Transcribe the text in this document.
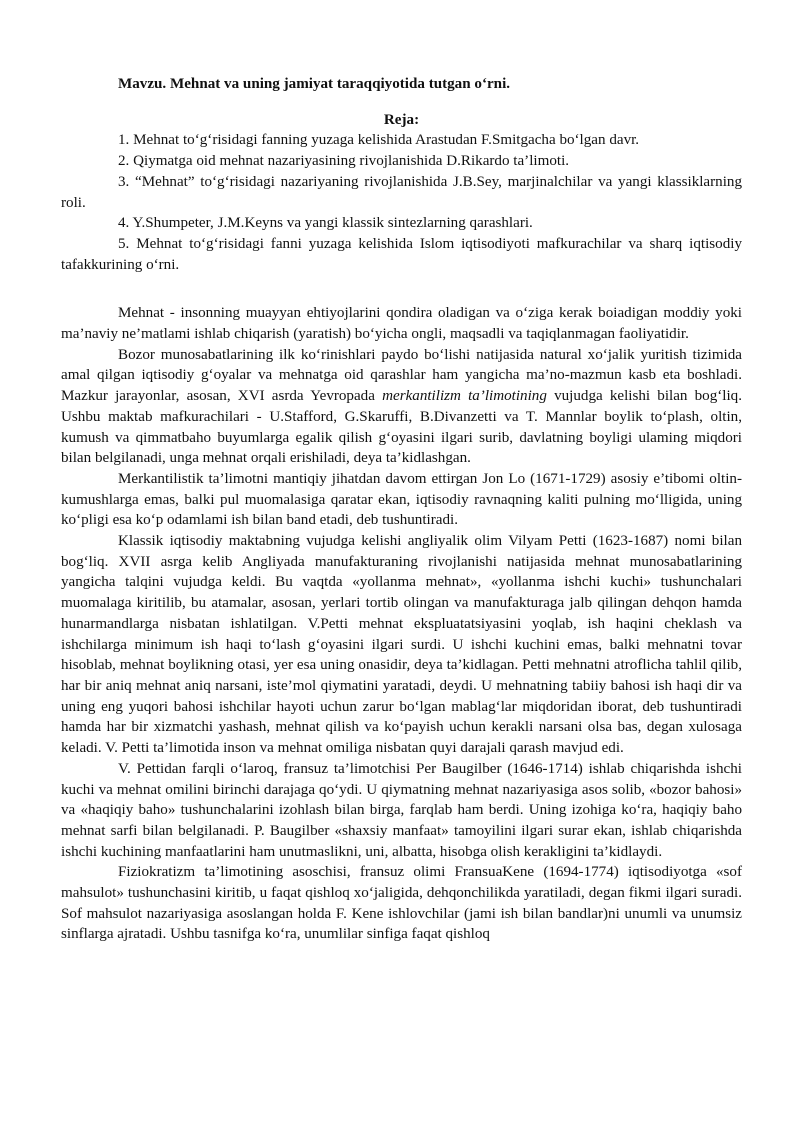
Mavzu. Mehnat va uning jamiyat taraqqiyotida tutgan o‘rni.

Reja:

1. Mehnat to‘g‘risidagi fanning yuzaga kelishida Arastudan F.Smitgacha bo‘lgan davr.

2. Qiymatga oid mehnat nazariyasining rivojlanishida D.Rikardo ta’limoti.

3. “Mehnat” to‘g‘risidagi nazariyaning rivojlanishida J.B.Sey, marjinalchilar va yangi klassiklarning roli.

4. Y.Shumpeter, J.M.Keyns va yangi klassik sintezlarning qarashlari.

5. Mehnat to‘g‘risidagi fanni yuzaga kelishida Islom iqtisodiyoti mafkurachilar va sharq iqtisodiy tafakkurining o‘rni.

Mehnat - insonning muayyan ehtiyojlarini qondira oladigan va o‘ziga kerak boiadigan moddiy yoki ma’naviy ne’matlami ishlab chiqarish (yaratish) bo‘yicha ongli, maqsadli va taqiqlanmagan faoliyatidir.

Bozor munosabatlarining ilk ko‘rinishlari paydo bo‘lishi natijasida natural xo‘jalik yuritish tizimida amal qilgan iqtisodiy g‘oyalar va mehnatga oid qarashlar ham yangicha ma’no-mazmun kasb eta boshladi. Mazkur jarayonlar, asosan, XVI asrda Yevropada merkantilizm ta’limotining vujudga kelishi bilan bog‘liq. Ushbu maktab mafkurachilari - U.Stafford, G.Skaruffi, B.Divanzetti va T. Mannlar boylik to‘plash, oltin, kumush va qimmatbaho buyumlarga egalik qilish g‘oyasini ilgari surib, davlatning boyligi ulaming miqdori bilan belgilanadi, unga mehnat orqali erishiladi, deya ta’kidlashgan.

Merkantilistik ta’limotni mantiqiy jihatdan davom ettirgan Jon Lo (1671-1729) asosiy e’tibomi oltin-kumushlarga emas, balki pul muomalasiga qaratar ekan, iqtisodiy ravnaqning kaliti pulning mo‘lligida, uning ko‘pligi esa ko‘p odamlami ish bilan band etadi, deb tushuntiradi.

Klassik iqtisodiy maktabning vujudga kelishi angliyalik olim Vilyam Petti (1623-1687) nomi bilan bog‘liq. XVII asrga kelib Angliyada manufakturaning rivojlanishi natijasida mehnat munosabatlarining yangicha talqini vujudga keldi. Bu vaqtda «yollanma mehnat», «yollanma ishchi kuchi» tushunchalari muomalaga kiritilib, bu atamalar, asosan, yerlari tortib olingan va manufakturaga jalb qilingan dehqon hamda hunarmandlarga nisbatan ishlatilgan. V.Petti mehnat ekspluatatsiyasini yoqlab, ish haqini cheklash va ishchilarga minimum ish haqi to‘lash g‘oyasini ilgari surdi. U ishchi kuchini emas, balki mehnatni tovar hisoblab, mehnat boylikning otasi, yer esa uning onasidir, deya ta’kidlagan. Petti mehnatni atroflicha tahlil qilib, har bir aniq mehnat aniq narsani, iste’mol qiymatini yaratadi, deydi. U mehnatning tabiiy bahosi ish haqi dir va uning eng yuqori bahosi ishchilar hayoti uchun zarur bo‘lgan mablag‘lar miqdoridan iborat, deb tushuntiradi hamda har bir xizmatchi yashash, mehnat qilish va ko‘payish uchun kerakli narsani olsa bas, degan xulosaga keladi. V. Petti ta’limotida inson va mehnat omiliga nisbatan quyi darajali qarash mavjud edi.

V. Pettidan farqli o‘laroq, fransuz ta’limotchisi Per Baugilber (1646-1714) ishlab chiqarishda ishchi kuchi va mehnat omilini birinchi darajaga qo‘ydi. U qiymatning mehnat nazariyasiga asos solib, «bozor bahosi» va «haqiqiy baho» tushunchalarini izohlash bilan birga, farqlab ham berdi. Uning izohiga ko‘ra, haqiqiy baho mehnat sarfi bilan belgilanadi. P. Baugilber «shaxsiy manfaat» tamoyilini ilgari surar ekan, ishlab chiqarishda ishchi kuchining manfaatlarini ham unutmaslikni, uni, albatta, hisobga olish kerakligini ta’kidlaydi.

Fiziokratizm ta’limotining asoschisi, fransuz olimi FransuaKene (1694-1774) iqtisodiyotga «sof mahsulot» tushunchasini kiritib, u faqat qishloq xo‘jaligida, dehqonchilikda yaratiladi, degan fikmi ilgari suradi. Sof mahsulot nazariyasiga asoslangan holda F. Kene ishlovchilar (jami ish bilan bandlar)ni unumli va unumsiz sinflarga ajratadi. Ushbu tasnifga ko‘ra, unumlilar sinfiga faqat qishloq
